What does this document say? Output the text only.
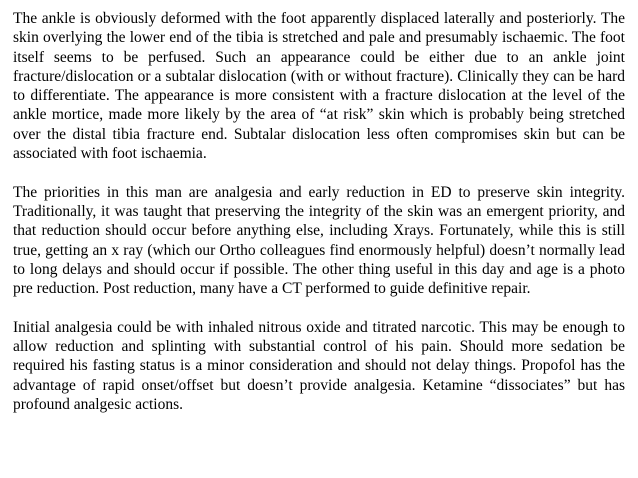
The ankle is obviously deformed with the foot apparently displaced laterally and posteriorly. The skin overlying the lower end of the tibia is stretched and pale and presumably ischaemic. The foot itself seems to be perfused. Such an appearance could be either due to an ankle joint fracture/dislocation or a subtalar dislocation (with or without fracture). Clinically they can be hard to differentiate. The appearance is more consistent with a fracture dislocation at the level of the ankle mortice, made more likely by the area of “at risk” skin which is probably being stretched over the distal tibia fracture end. Subtalar dislocation less often compromises skin but can be associated with foot ischaemia.

The priorities in this man are analgesia and early reduction in ED to preserve skin integrity. Traditionally, it was taught that preserving the integrity of the skin was an emergent priority, and that reduction should occur before anything else, including Xrays. Fortunately, while this is still true, getting an x ray (which our Ortho colleagues find enormously helpful) doesn’t normally lead to long delays and should occur if possible. The other thing useful in this day and age is a photo pre reduction. Post reduction, many have a CT performed to guide definitive repair.

Initial analgesia could be with inhaled nitrous oxide and titrated narcotic. This may be enough to allow reduction and splinting with substantial control of his pain. Should more sedation be required his fasting status is a minor consideration and should not delay things. Propofol has the advantage of rapid onset/offset but doesn’t provide analgesia. Ketamine “dissociates” but has profound analgesic actions.
